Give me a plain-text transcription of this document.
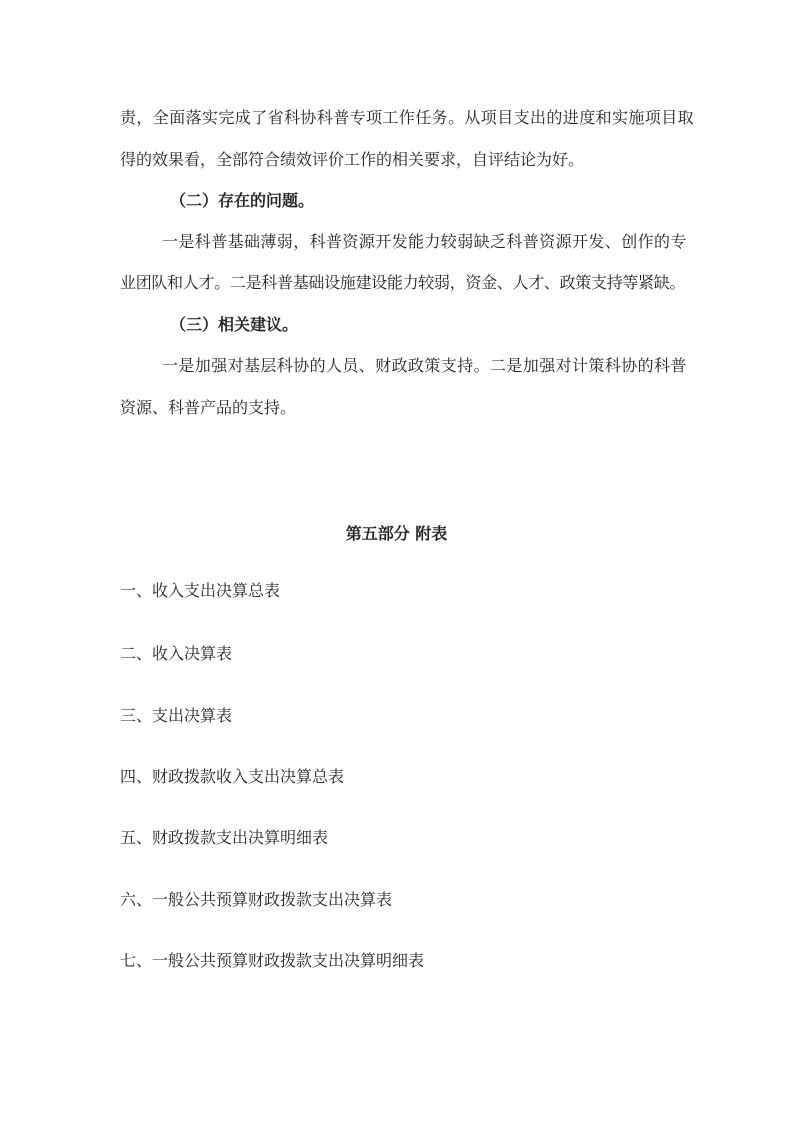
责，全面落实完成了省科协科普专项工作任务。从项目支出的进度和实施项目取
得的效果看，全部符合绩效评价工作的相关要求，自评结论为好。
（二）存在的问题。
一是科普基础薄弱，科普资源开发能力较弱缺乏科普资源开发、创作的专
业团队和人才。二是科普基础设施建设能力较弱，资金、人才、政策支持等紧缺。
（三）相关建议。
一是加强对基层科协的人员、财政政策支持。二是加强对计策科协的科普
资源、科普产品的支持。
第五部分 附表
一、收入支出决算总表
二、收入决算表
三、支出决算表
四、财政拨款收入支出决算总表
五、财政拨款支出决算明细表
六、一般公共预算财政拨款支出决算表
七、一般公共预算财政拨款支出决算明细表
